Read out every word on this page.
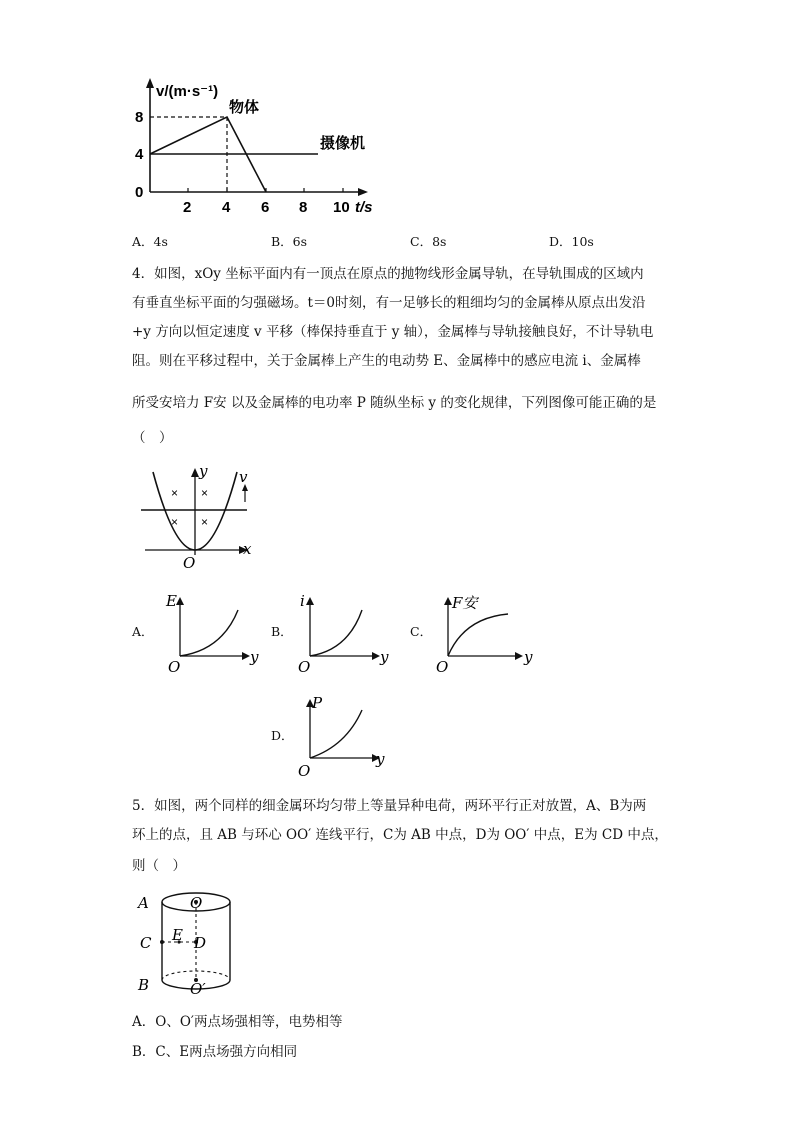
v/(m·s⁻¹)
0
4
8
2 4 6 8 10 t/s
物体
摄像机
A．4s	B．6s	C．8s	D．10s
4．如图，xOy 坐标平面内有一顶点在原点的抛物线形金属导轨，在导轨围成的区域内
有垂直坐标平面的匀强磁场。t＝0时刻，有一足够长的粗细均匀的金属棒从原点出发沿
+y 方向以恒定速度 v 平移（棒保持垂直于 y 轴），金属棒与导轨接触良好，不计导轨电
阻。则在平移过程中，关于金属棒上产生的电动势 E、金属棒中的感应电流 i、金属棒
所受安培力 F安 以及金属棒的电功率 P 随纵坐标 y 的变化规律，下列图像可能正确的是
（　）
× ×
× ×
y
x
O
v
A．
E
y
O
B．
i
y
O
C．
F安
y
O
D．
P
y
O
5．如图，两个同样的细金属环均匀带上等量异种电荷，两环平行正对放置，A、B为两
环上的点，且 AB 与环心 OO′ 连线平行，C为 AB 中点，D为 OO′ 中点，E为 CD 中点，
则（　）
A
C
B
O
E D
O′
A．O、O′两点场强相等，电势相等
B．C、E两点场强方向相同
